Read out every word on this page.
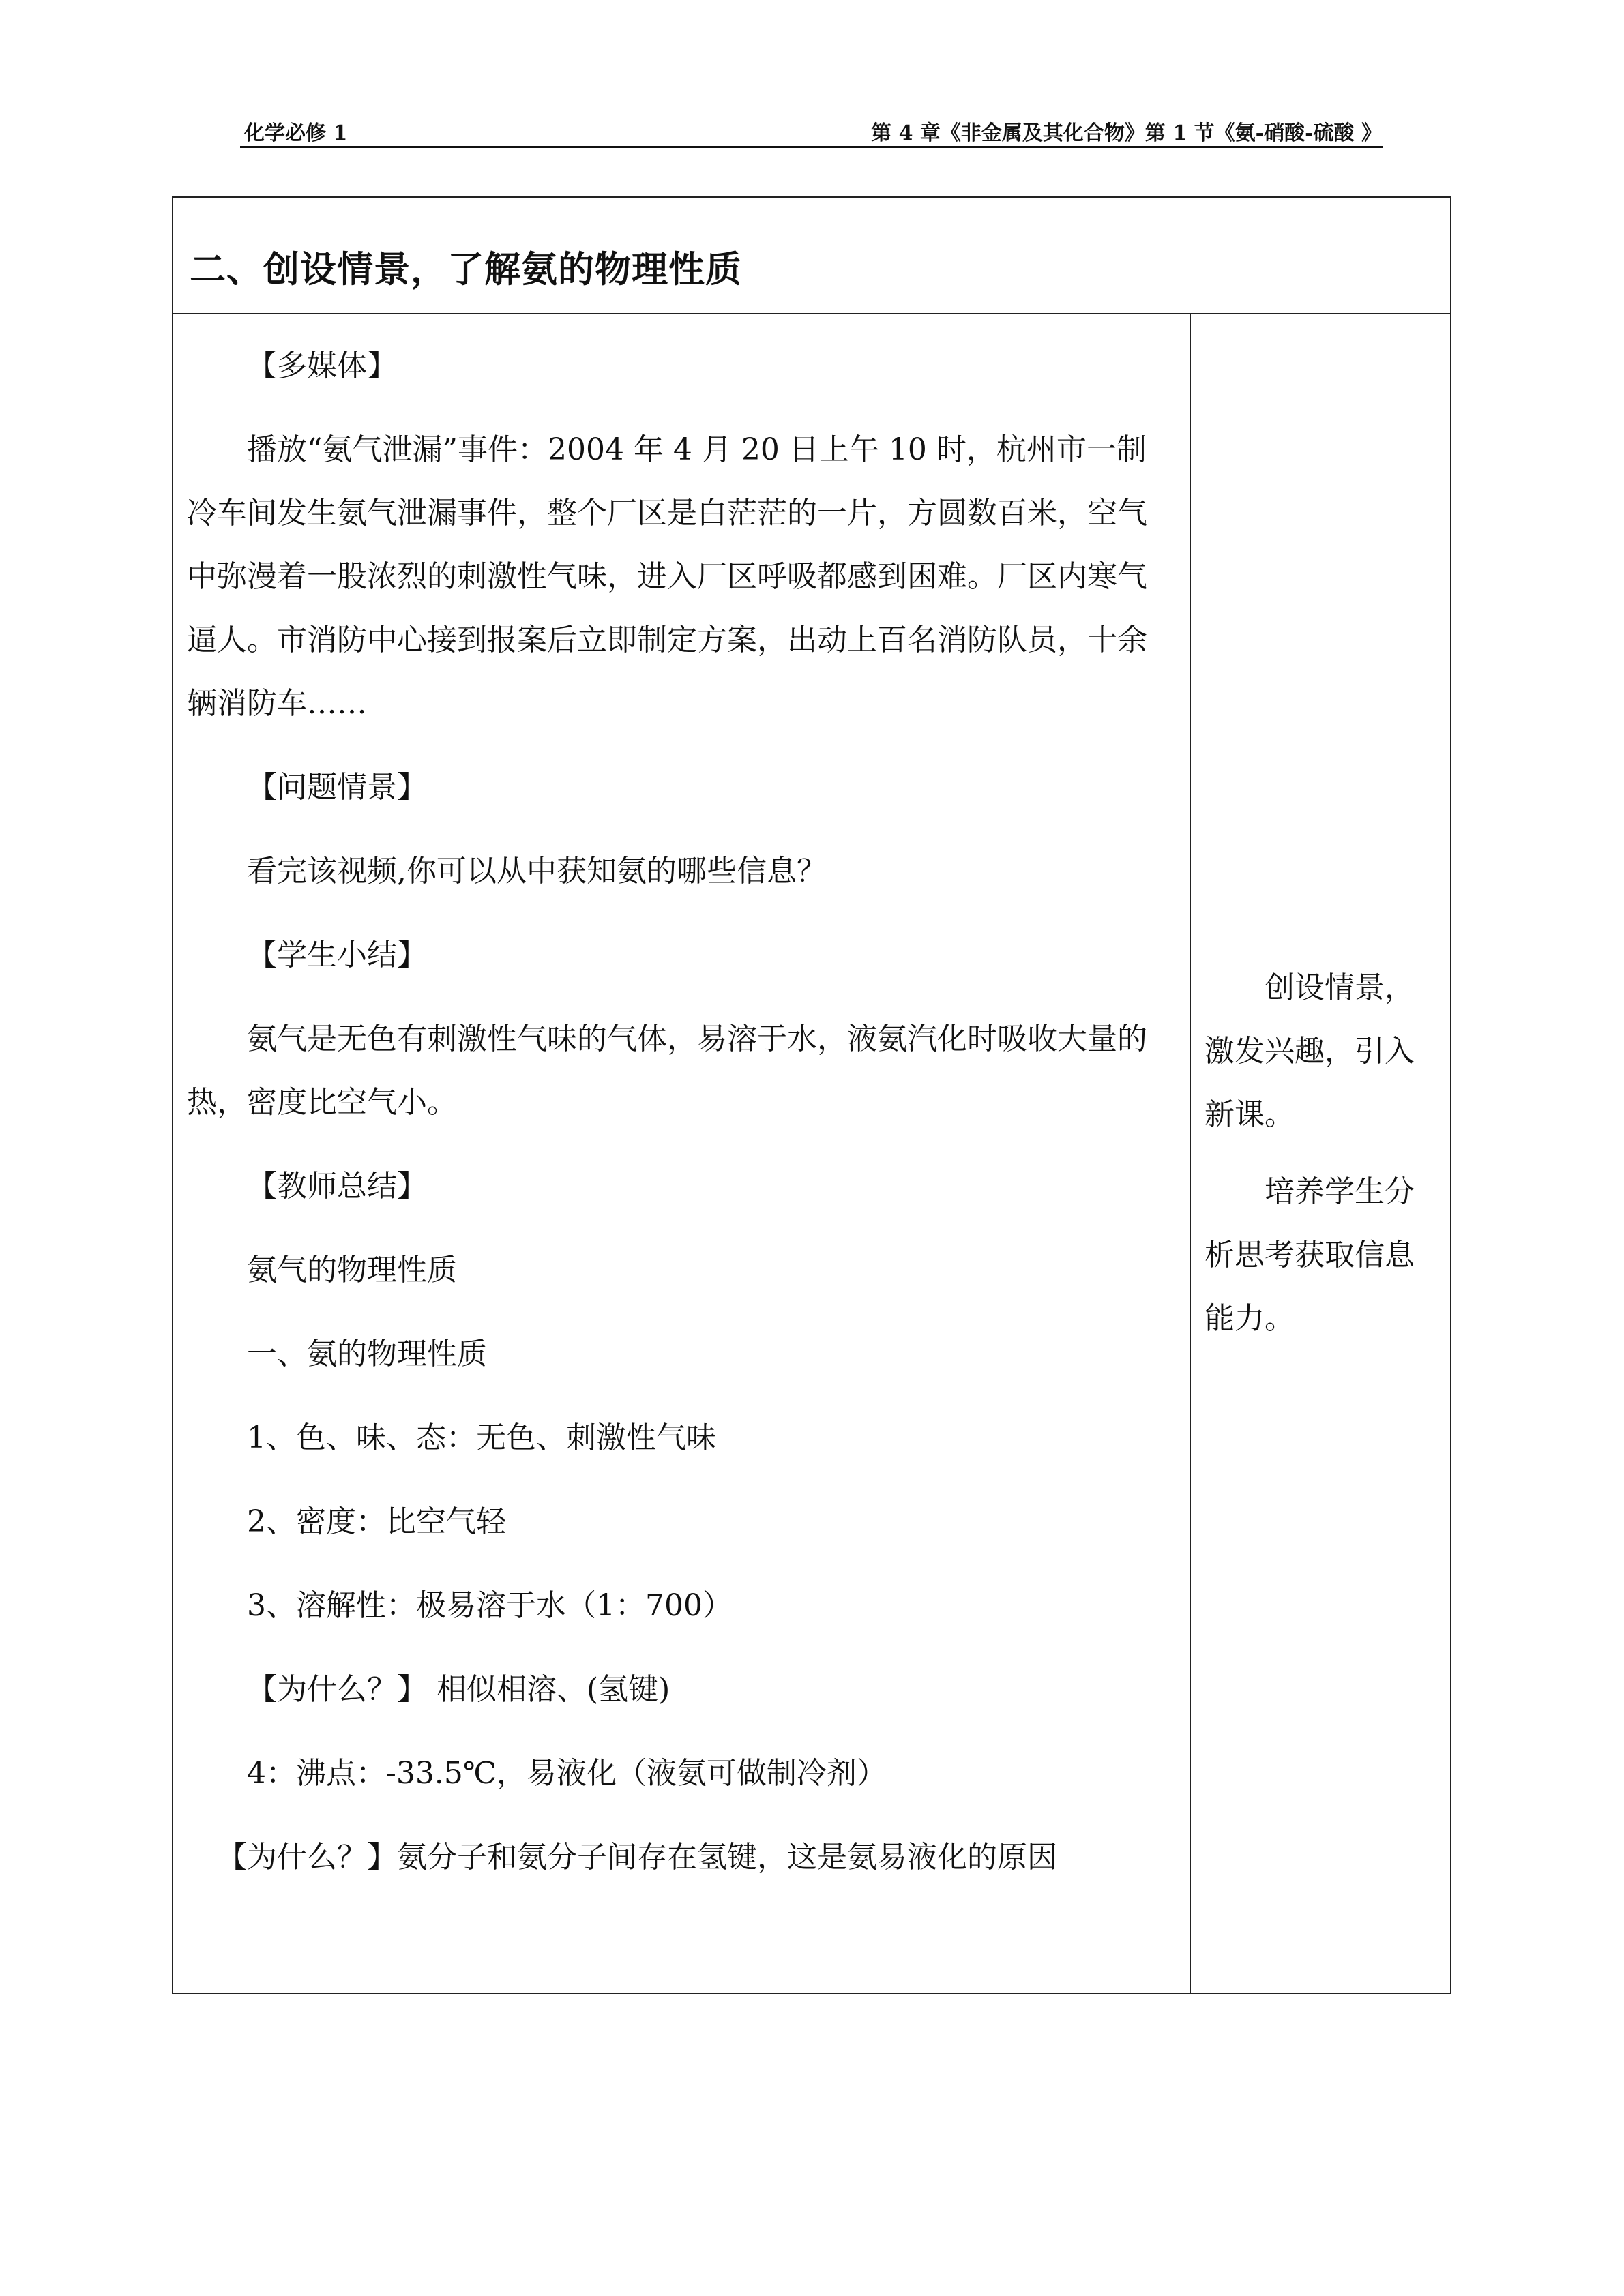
化学必修 1	第 4 章《非金属及其化合物》第 1 节《氨-硝酸-硫酸 》
二、创设情景，了解氨的物理性质

【多媒体】

播放“氨气泄漏”事件：2004 年 4 月 20 日上午 10 时，杭州市一制冷车间发生氨气泄漏事件，整个厂区是白茫茫的一片，方圆数百米，空气中弥漫着一股浓烈的刺激性气味，进入厂区呼吸都感到困难。厂区内寒气逼人。市消防中心接到报案后立即制定方案，出动上百名消防队员，十余辆消防车……

【问题情景】

看完该视频,你可以从中获知氨的哪些信息？

【学生小结】

氨气是无色有刺激性气味的气体，易溶于水，液氨汽化时吸收大量的热，密度比空气小。

【教师总结】

氨气的物理性质

一、氨的物理性质

1、色、味、态：无色、刺激性气味

2、密度：比空气轻

3、溶解性：极易溶于水（1：700）

【为什么？】 相似相溶、(氢键)

4：沸点：-33.5℃，易液化（液氨可做制冷剂）

【为什么？】氨分子和氨分子间存在氢键，这是氨易液化的原因

创设情景，激发兴趣，引入新课。

培养学生分析思考获取信息能力。
